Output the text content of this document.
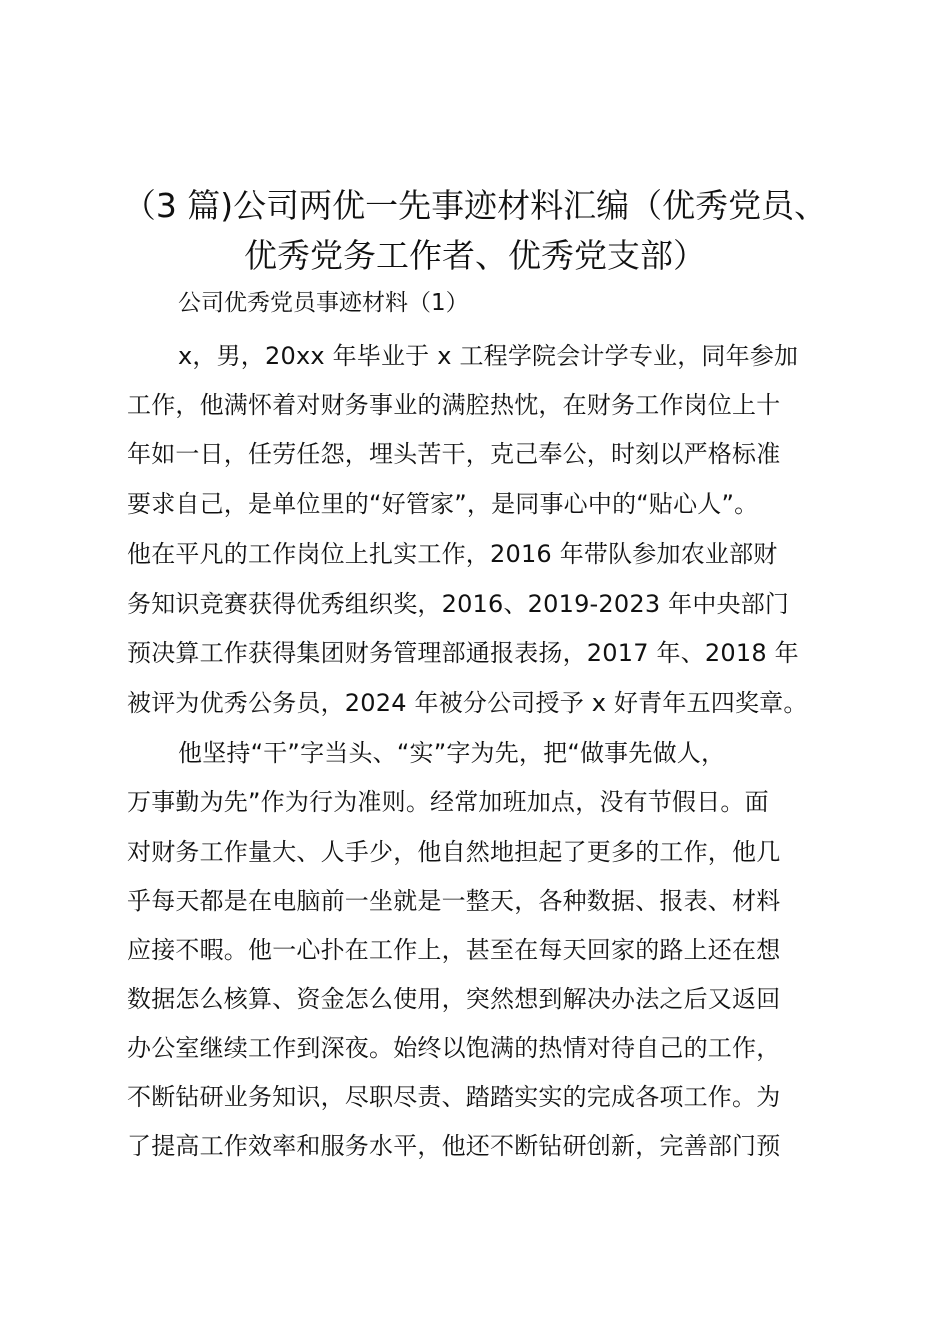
（3 篇)公司两优一先事迹材料汇编（优秀党员、
优秀党务工作者、优秀党支部）
公司优秀党员事迹材料（1）
x，男，20xx 年毕业于 x 工程学院会计学专业，同年参加
工作，他满怀着对财务事业的满腔热忱，在财务工作岗位上十
年如一日，任劳任怨，埋头苦干，克己奉公，时刻以严格标准
要求自己，是单位里的“好管家”，是同事心中的“贴心人”。
他在平凡的工作岗位上扎实工作，2016 年带队参加农业部财
务知识竞赛获得优秀组织奖，2016、2019-2023 年中央部门
预决算工作获得集团财务管理部通报表扬，2017 年、2018 年
被评为优秀公务员，2024 年被分公司授予 x 好青年五四奖章。
他坚持“干”字当头、“实”字为先，把“做事先做人，
万事勤为先”作为行为准则。经常加班加点，没有节假日。面
对财务工作量大、人手少，他自然地担起了更多的工作，他几
乎每天都是在电脑前一坐就是一整天，各种数据、报表、材料
应接不暇。他一心扑在工作上，甚至在每天回家的路上还在想
数据怎么核算、资金怎么使用，突然想到解决办法之后又返回
办公室继续工作到深夜。始终以饱满的热情对待自己的工作，
不断钻研业务知识，尽职尽责、踏踏实实的完成各项工作。为
了提高工作效率和服务水平，他还不断钻研创新，完善部门预
